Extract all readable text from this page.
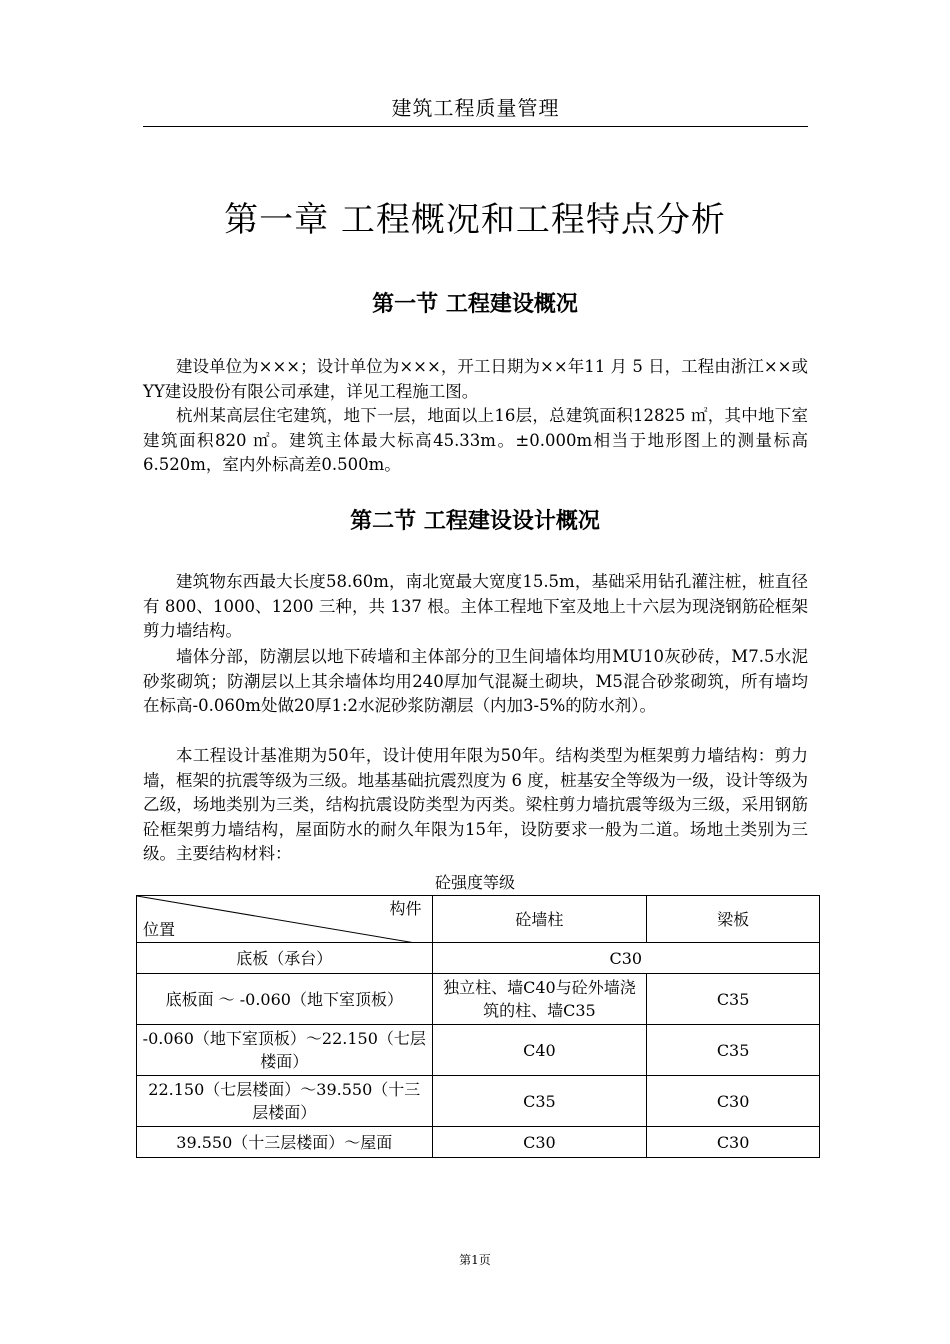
建筑工程质量管理
第一章 工程概况和工程特点分析
第一节 工程建设概况

建设单位为×××；设计单位为×××，开工日期为××年11 月 5 日，工程由浙江××或YY建设股份有限公司承建，详见工程施工图。

杭州某高层住宅建筑，地下一层，地面以上16层，总建筑面积12825 ㎡，其中地下室建筑面积820 ㎡。建筑主体最大标高45.33m。±0.000m相当于地形图上的测量标高6.520m，室内外标高差0.500m。

第二节 工程建设设计概况

建筑物东西最大长度58.60m，南北宽最大宽度15.5m，基础采用钻孔灌注桩，桩直径有 800、1000、1200 三种，共 137 根。主体工程地下室及地上十六层为现浇钢筋砼框架剪力墙结构。

墙体分部，防潮层以地下砖墙和主体部分的卫生间墙体均用MU10灰砂砖，M7.5水泥砂浆砌筑；防潮层以上其余墙体均用240厚加气混凝土砌块，M5混合砂浆砌筑，所有墙均在标高-0.060m处做20厚1:2水泥砂浆防潮层（内加3-5%的防水剂）。

本工程设计基准期为50年，设计使用年限为50年。结构类型为框架剪力墙结构：剪力墙，框架的抗震等级为三级。地基基础抗震烈度为 6 度，桩基安全等级为一级，设计等级为乙级，场地类别为三类，结构抗震设防类型为丙类。梁柱剪力墙抗震等级为三级，采用钢筋砼框架剪力墙结构，屋面防水的耐久年限为15年，设防要求一般为二道。场地土类别为三级。主要结构材料：

砼强度等级
构件
位置	砼墙柱	梁板
底板（承台）	C30	
底板面 ～ -0.060（地下室顶板）	独立柱、墙C40与砼外墙浇筑的柱、墙C35	C35
-0.060（地下室顶板）～22.150（七层楼面）	C40	C35
22.150（七层楼面）～39.550（十三层楼面）	C35	C30
39.550（十三层楼面）～屋面	C30	C30
第1页
